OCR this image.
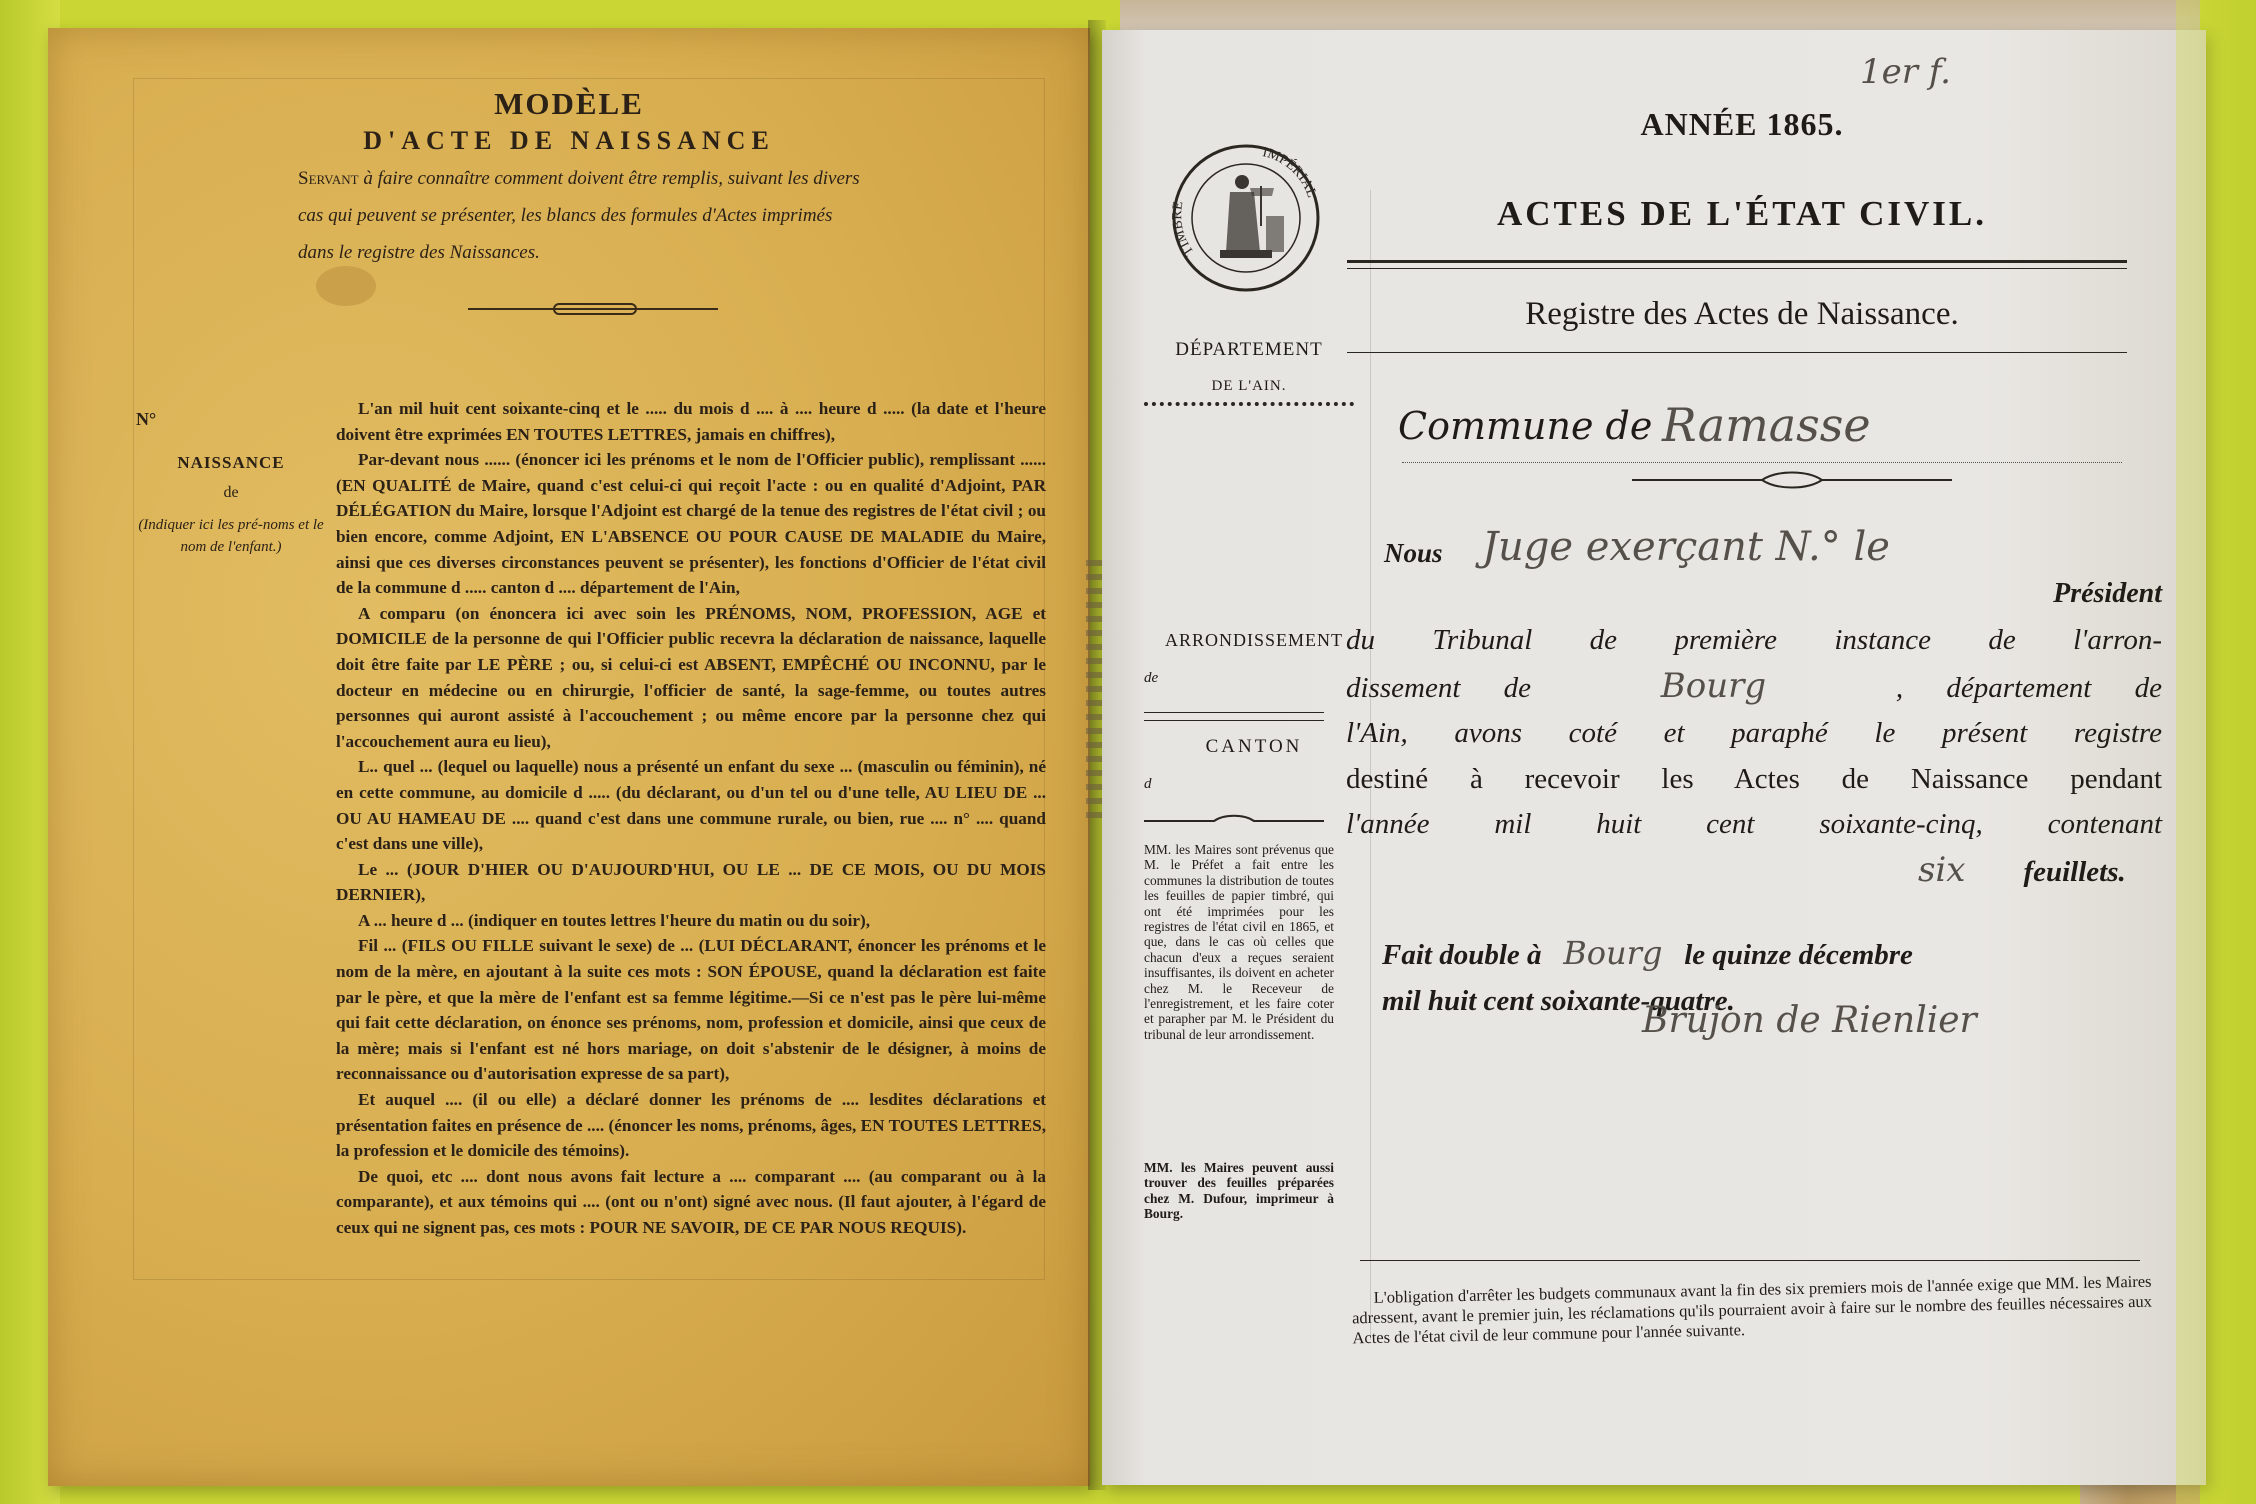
MODÈLE
D'ACTE DE NAISSANCE
Servant à faire connaître comment doivent être remplis, suivant les divers
cas qui peuvent se présenter, les blancs des formules d'Actes imprimés
dans le registre des Naissances.
N°
NAISSANCE
de
(Indiquer ici les pré-noms et le nom de l'enfant.)

L'an mil huit cent soixante-cinq et le ..... du mois d .... à .... heure d ..... (la date et l'heure doivent être exprimées EN TOUTES LETTRES, jamais en chiffres),

Par-devant nous ...... (énoncer ici les prénoms et le nom de l'Officier public), remplissant ...... (EN QUALITÉ de Maire, quand c'est celui-ci qui reçoit l'acte : ou en qualité d'Adjoint, PAR DÉLÉGATION du Maire, lorsque l'Adjoint est chargé de la tenue des registres de l'état civil ; ou bien encore, comme Adjoint, EN L'ABSENCE OU POUR CAUSE DE MALADIE du Maire, ainsi que ces diverses circonstances peuvent se présenter), les fonctions d'Officier de l'état civil de la commune d ..... canton d .... département de l'Ain,

A comparu (on énoncera ici avec soin les PRÉNOMS, NOM, PROFESSION, AGE et DOMICILE de la personne de qui l'Officier public recevra la déclaration de naissance, laquelle doit être faite par LE PÈRE ; ou, si celui-ci est ABSENT, EMPÊCHÉ OU INCONNU, par le docteur en médecine ou en chirurgie, l'officier de santé, la sage-femme, ou toutes autres personnes qui auront assisté à l'accouchement ; ou même encore par la personne chez qui l'accouchement aura eu lieu),

L.. quel ... (lequel ou laquelle) nous a présenté un enfant du sexe ... (masculin ou féminin), né en cette commune, au domicile d ..... (du déclarant, ou d'un tel ou d'une telle, AU LIEU DE ... OU AU HAMEAU DE .... quand c'est dans une commune rurale, ou bien, rue .... n° .... quand c'est dans une ville),

Le ... (JOUR D'HIER OU D'AUJOURD'HUI, OU LE ... DE CE MOIS, OU DU MOIS DERNIER),

A ... heure d ... (indiquer en toutes lettres l'heure du matin ou du soir),

Fil ... (FILS OU FILLE suivant le sexe) de ... (LUI DÉCLARANT, énoncer les prénoms et le nom de la mère, en ajoutant à la suite ces mots : SON ÉPOUSE, quand la déclaration est faite par le père, et que la mère de l'enfant est sa femme légitime.—Si ce n'est pas le père lui-même qui fait cette déclaration, on énonce ses prénoms, nom, profession et domicile, ainsi que ceux de la mère; mais si l'enfant est né hors mariage, on doit s'abstenir de le désigner, à moins de reconnaissance ou d'autorisation expresse de sa part),

Et auquel .... (il ou elle) a déclaré donner les prénoms de .... lesdites déclarations et présentation faites en présence de .... (énoncer les noms, prénoms, âges, EN TOUTES LETTRES, la profession et le domicile des témoins).

De quoi, etc .... dont nous avons fait lecture a .... comparant .... (au comparant ou à la comparante), et aux témoins qui .... (ont ou n'ont) signé avec nous. (Il faut ajouter, à l'égard de ceux qui ne signent pas, ces mots : POUR NE SAVOIR, DE CE PAR NOUS REQUIS).

1er f.
TIMBRE
IMPÉRIAL
ANNÉE 1865.
ACTES DE L'ÉTAT CIVIL.
Registre des Actes de Naissance.
DÉPARTEMENT
DE L'AIN.
Commune de Ramasse
Nous Juge exerçant N.° le
Président
du Tribunal de première instance de l'arron-
dissement de	Bourg	, département de
l'Ain, avons coté et paraphé le présent registre
destiné à recevoir les Actes de Naissance pendant
l'année mil huit cent soixante-cinq, contenant
six feuillets.
Fait double à Bourg le quinze décembre
mil huit cent soixante-quatre.
Brujon de Rienlier
ARRONDISSEMENT
de
CANTON
d
MM. les Maires sont prévenus que M. le Préfet a fait entre les communes la distribution de toutes les feuilles de papier timbré, qui ont été imprimées pour les registres de l'état civil en 1865, et que, dans le cas où celles que chacun d'eux a reçues seraient insuffisantes, ils doivent en acheter chez M. le Receveur de l'enregistrement, et les faire coter et parapher par M. le Président du tribunal de leur arrondissement.
MM. les Maires peuvent aussi trouver des feuilles préparées chez M. Dufour, imprimeur à Bourg.
L'obligation d'arrêter les budgets communaux avant la fin des six premiers mois de l'année exige que MM. les Maires adressent, avant le premier juin, les réclamations qu'ils pourraient avoir à faire sur le nombre des feuilles nécessaires aux Actes de l'état civil de leur commune pour l'année suivante.
